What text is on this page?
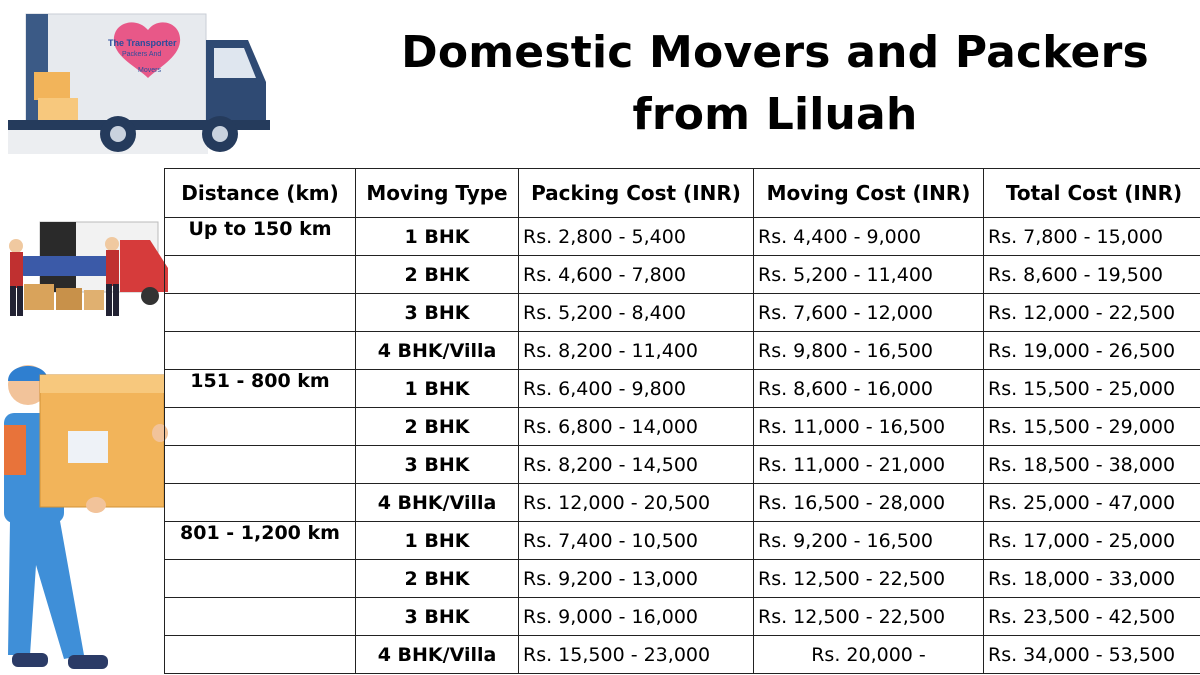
Domestic Movers and Packers
from Liluah
The Transporter
Packers And
Movers
Distance (km)	Moving Type	Packing Cost (INR)	Moving Cost (INR)	Total Cost (INR)
Up to 150 km	1 BHK	Rs. 2,800 - 5,400	Rs. 4,400 - 9,000	Rs. 7,800 - 15,000
	2 BHK	Rs. 4,600 - 7,800	Rs. 5,200 - 11,400	Rs. 8,600 - 19,500
	3 BHK	Rs. 5,200 - 8,400	Rs. 7,600 - 12,000	Rs. 12,000 - 22,500
	4 BHK/Villa	Rs. 8,200 - 11,400	Rs. 9,800 - 16,500	Rs. 19,000 - 26,500
151 - 800 km	1 BHK	Rs. 6,400 - 9,800	Rs. 8,600 - 16,000	Rs. 15,500 - 25,000
	2 BHK	Rs. 6,800 - 14,000	Rs. 11,000 - 16,500	Rs. 15,500 - 29,000
	3 BHK	Rs. 8,200 - 14,500	Rs. 11,000 - 21,000	Rs. 18,500 - 38,000
	4 BHK/Villa	Rs. 12,000 - 20,500	Rs. 16,500 - 28,000	Rs. 25,000 - 47,000
801 - 1,200 km	1 BHK	Rs. 7,400 - 10,500	Rs. 9,200 - 16,500	Rs. 17,000 - 25,000
	2 BHK	Rs. 9,200 - 13,000	Rs. 12,500 - 22,500	Rs. 18,000 - 33,000
	3 BHK	Rs. 9,000 - 16,000	Rs. 12,500 - 22,500	Rs. 23,500 - 42,500
	4 BHK/Villa	Rs. 15,500 - 23,000	Rs. 20,000 -	Rs. 34,000 - 53,500
